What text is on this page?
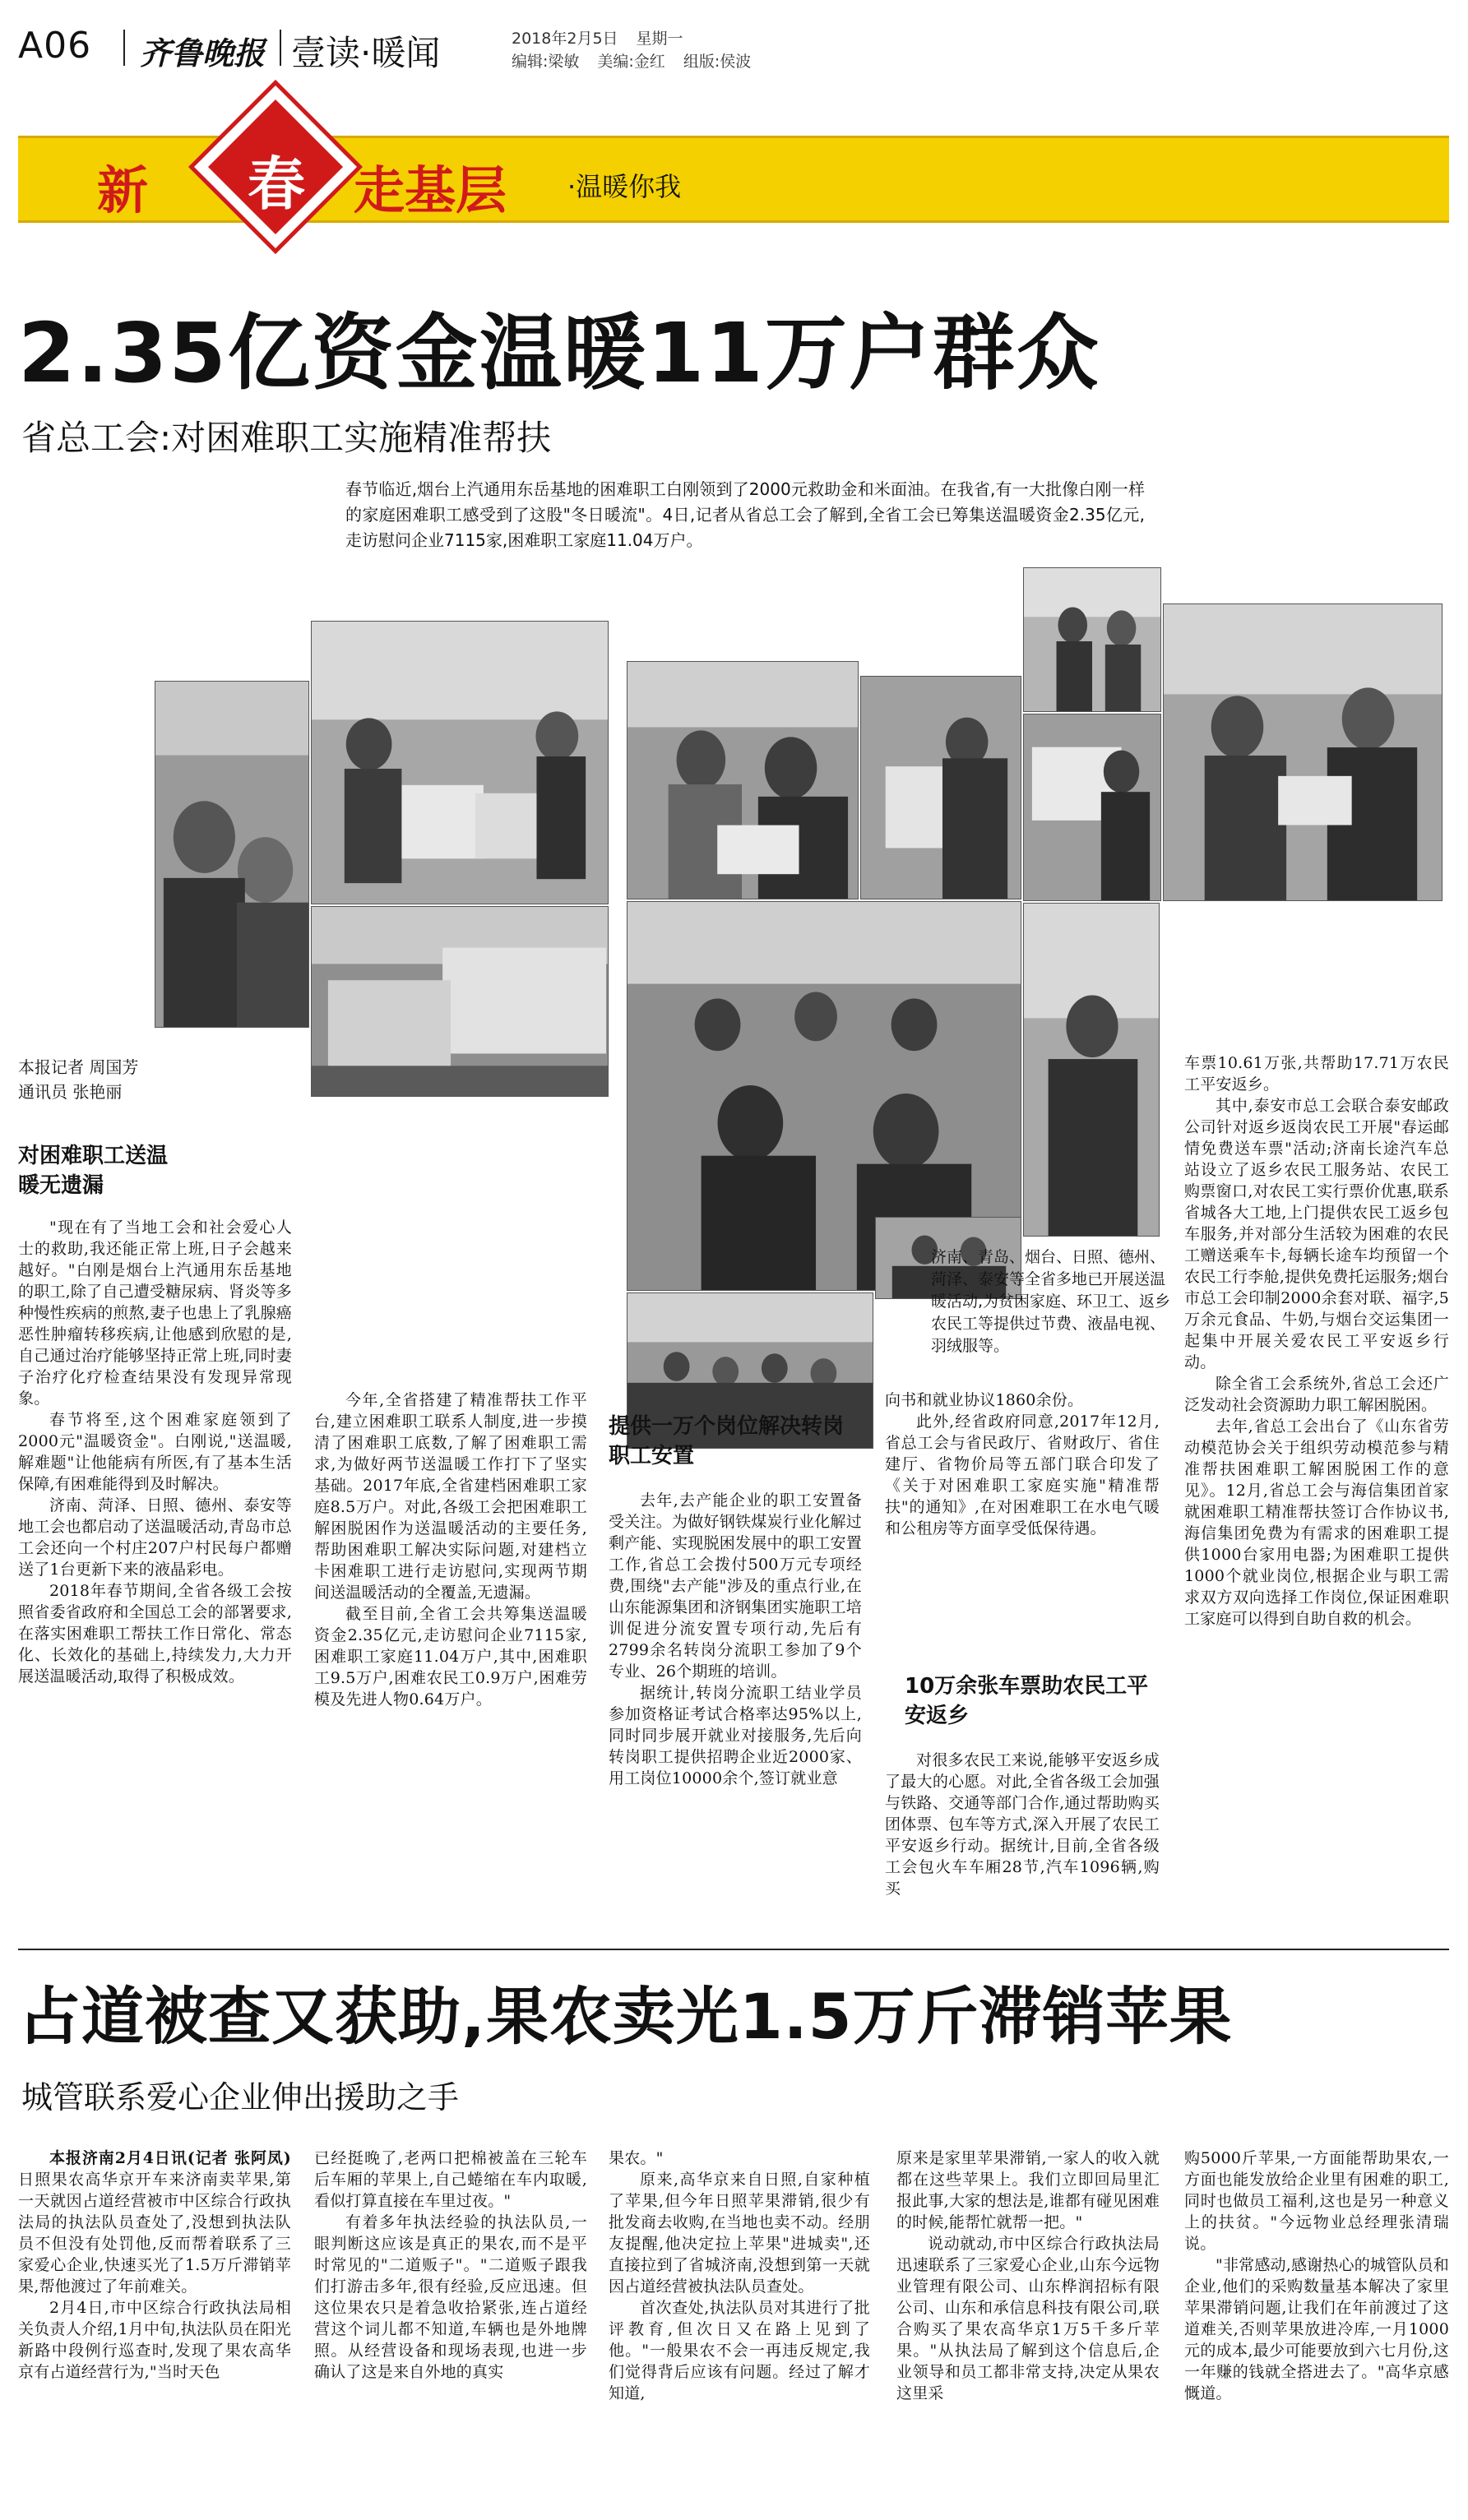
A06 齐鲁晚报 壹读·暖闻	2018年2月5日 星期一
编辑:梁敏 美编:金红 组版:侯波
新	春 走基层 ·温暖你我
2.35亿资金温暖11万户群众
省总工会:对困难职工实施精准帮扶
春节临近,烟台上汽通用东岳基地的困难职工白刚领到了2000元救助金和米面油。在我省,有一大批像白刚一样的家庭困难职工感受到了这股"冬日暖流"。4日,记者从省总工会了解到,全省工会已筹集送温暖资金2.35亿元,走访慰问企业7115家,困难职工家庭11.04万户。
济南、青岛、烟台、日照、德州、菏泽、泰安等全省多地已开展送温暖活动,为贫困家庭、环卫工、返乡农民工等提供过节费、液晶电视、羽绒服等。
本报记者 周国芳
通讯员 张艳丽
对困难职工送温暖无遗漏

"现在有了当地工会和社会爱心人士的救助,我还能正常上班,日子会越来越好。"白刚是烟台上汽通用东岳基地的职工,除了自己遭受糖尿病、肾炎等多种慢性疾病的煎熬,妻子也患上了乳腺癌恶性肿瘤转移疾病,让他感到欣慰的是,自己通过治疗能够坚持正常上班,同时妻子治疗化疗检查结果没有发现异常现象。

春节将至,这个困难家庭领到了2000元"温暖资金"。白刚说,"送温暖,解难题"让他能病有所医,有了基本生活保障,有困难能得到及时解决。

济南、菏泽、日照、德州、泰安等地工会也都启动了送温暖活动,青岛市总工会还向一个村庄207户村民每户都赠送了1台更新下来的液晶彩电。

2018年春节期间,全省各级工会按照省委省政府和全国总工会的部署要求,在落实困难职工帮扶工作日常化、常态化、长效化的基础上,持续发力,大力开展送温暖活动,取得了积极成效。

今年,全省搭建了精准帮扶工作平台,建立困难职工联系人制度,进一步摸清了困难职工底数,了解了困难职工需求,为做好两节送温暖工作打下了坚实基础。2017年底,全省建档困难职工家庭8.5万户。对此,各级工会把困难职工解困脱困作为送温暖活动的主要任务,帮助困难职工解决实际问题,对建档立卡困难职工进行走访慰问,实现两节期间送温暖活动的全覆盖,无遗漏。

截至目前,全省工会共筹集送温暖资金2.35亿元,走访慰问企业7115家,困难职工家庭11.04万户,其中,困难职工9.5万户,困难农民工0.9万户,困难劳模及先进人物0.64万户。

提供一万个岗位解决转岗职工安置

去年,去产能企业的职工安置备受关注。为做好钢铁煤炭行业化解过剩产能、实现脱困发展中的职工安置工作,省总工会拨付500万元专项经费,围绕"去产能"涉及的重点行业,在山东能源集团和济钢集团实施职工培训促进分流安置专项行动,先后有2799余名转岗分流职工参加了9个专业、26个期班的培训。

据统计,转岗分流职工结业学员参加资格证考试合格率达95%以上,同时同步展开就业对接服务,先后向转岗职工提供招聘企业近2000家、用工岗位10000余个,签订就业意

向书和就业协议1860余份。

此外,经省政府同意,2017年12月,省总工会与省民政厅、省财政厅、省住建厅、省物价局等五部门联合印发了《关于对困难职工家庭实施"精准帮扶"的通知》,在对困难职工在水电气暖和公租房等方面享受低保待遇。

10万余张车票助农民工平安返乡

对很多农民工来说,能够平安返乡成了最大的心愿。对此,全省各级工会加强与铁路、交通等部门合作,通过帮助购买团体票、包车等方式,深入开展了农民工平安返乡行动。据统计,目前,全省各级工会包火车车厢28节,汽车1096辆,购买

车票10.61万张,共帮助17.71万农民工平安返乡。

其中,泰安市总工会联合泰安邮政公司针对返乡返岗农民工开展"春运邮情免费送车票"活动;济南长途汽车总站设立了返乡农民工服务站、农民工购票窗口,对农民工实行票价优惠,联系省城各大工地,上门提供农民工返乡包车服务,并对部分生活较为困难的农民工赠送乘车卡,每辆长途车均预留一个农民工行李舱,提供免费托运服务;烟台市总工会印制2000余套对联、福字,5万余元食品、牛奶,与烟台交运集团一起集中开展关爱农民工平安返乡行动。

除全省工会系统外,省总工会还广泛发动社会资源助力职工解困脱困。

去年,省总工会出台了《山东省劳动模范协会关于组织劳动模范参与精准帮扶困难职工解困脱困工作的意见》。12月,省总工会与海信集团首家就困难职工精准帮扶签订合作协议书,海信集团免费为有需求的困难职工提供1000台家用电器;为困难职工提供1000个就业岗位,根据企业与职工需求双方双向选择工作岗位,保证困难职工家庭可以得到自助自救的机会。

占道被查又获助,果农卖光1.5万斤滞销苹果
城管联系爱心企业伸出援助之手

本报济南2月4日讯(记者 张阿凤) 日照果农高华京开车来济南卖苹果,第一天就因占道经营被市中区综合行政执法局的执法队员查处了,没想到执法队员不但没有处罚他,反而帮着联系了三家爱心企业,快速买光了1.5万斤滞销苹果,帮他渡过了年前难关。

2月4日,市中区综合行政执法局相关负责人介绍,1月中旬,执法队员在阳光新路中段例行巡查时,发现了果农高华京有占道经营行为,"当时天色

已经挺晚了,老两口把棉被盖在三轮车后车厢的苹果上,自己蜷缩在车内取暖,看似打算直接在车里过夜。"

有着多年执法经验的执法队员,一眼判断这应该是真正的果农,而不是平时常见的"二道贩子"。"二道贩子跟我们打游击多年,很有经验,反应迅速。但这位果农只是着急收拾紧张,连占道经营这个词儿都不知道,车辆也是外地牌照。从经营设备和现场表现,也进一步确认了这是来自外地的真实

果农。"

原来,高华京来自日照,自家种植了苹果,但今年日照苹果滞销,很少有批发商去收购,在当地也卖不动。经朋友提醒,他决定拉上苹果"进城卖",还直接拉到了省城济南,没想到第一天就因占道经营被执法队员查处。

首次查处,执法队员对其进行了批评教育,但次日又在路上见到了他。"一般果农不会一再违反规定,我们觉得背后应该有问题。经过了解才知道,

原来是家里苹果滞销,一家人的收入就都在这些苹果上。我们立即回局里汇报此事,大家的想法是,谁都有碰见困难的时候,能帮忙就帮一把。"

说动就动,市中区综合行政执法局迅速联系了三家爱心企业,山东今远物业管理有限公司、山东桦润招标有限公司、山东和承信息科技有限公司,联合购买了果农高华京1万5千多斤苹果。"从执法局了解到这个信息后,企业领导和员工都非常支持,决定从果农这里采

购5000斤苹果,一方面能帮助果农,一方面也能发放给企业里有困难的职工,同时也做员工福利,这也是另一种意义上的扶贫。"今远物业总经理张清瑞说。

"非常感动,感谢热心的城管队员和企业,他们的采购数量基本解决了家里苹果滞销问题,让我们在年前渡过了这道难关,否则苹果放进冷库,一月1000元的成本,最少可能要放到六七月份,这一年赚的钱就全搭进去了。"高华京感慨道。
